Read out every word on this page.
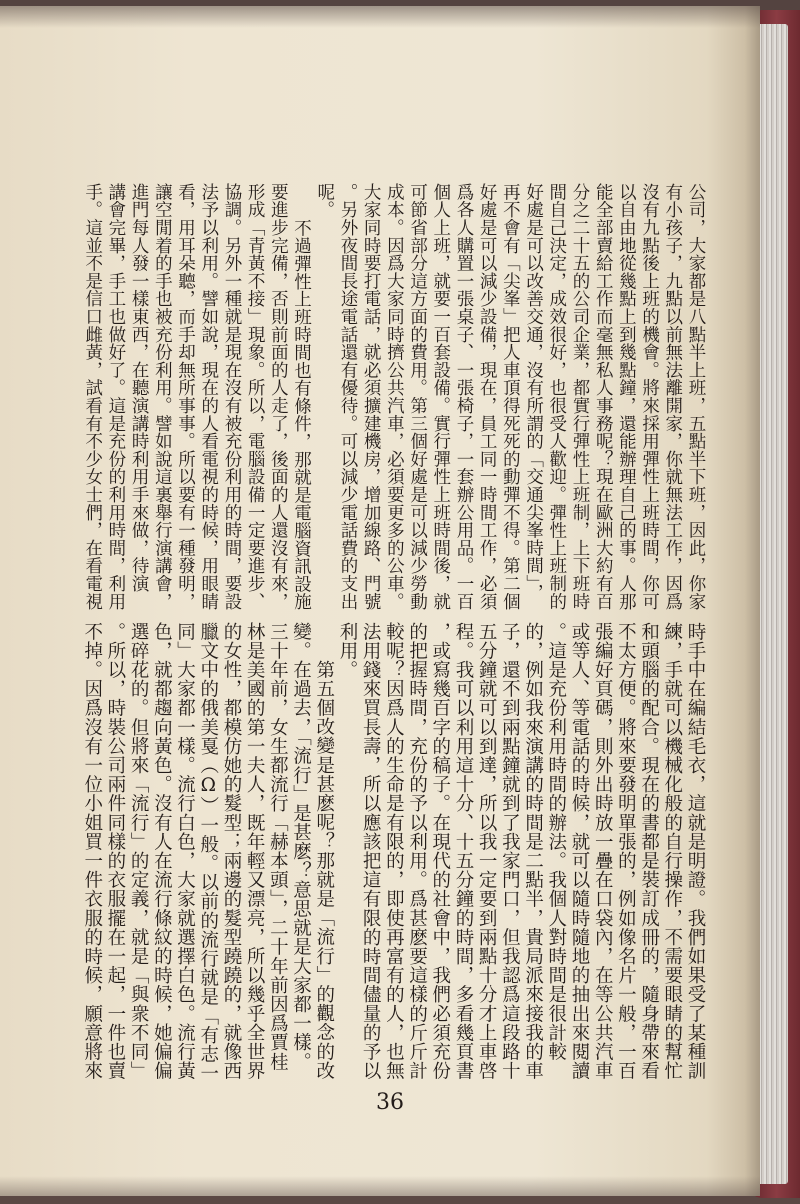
公司，大家都是八點半上班，五點半下班，因此，你家
有小孩子，九點以前無法離開家，你就無法工作，因爲
沒有九點後上班的機會。將來採用彈性上班時間，你可
以自由地從幾點上到幾點鐘，還能辦理自己的事。人那
能全部賣給工作而毫無私人事務呢？現在歐洲大約有百
分之二十五的公司企業，都實行彈性上班制，上下班時
間自己決定，成效很好，也很受人歡迎。彈性上班制的
好處是可以改善交通，沒有所謂的「交通尖峯時間」，
再不會有「尖峯」把人車頂得死死的動彈不得。第二個
好處是可以減少設備，現在，員工同一時間工作，必須
爲各人購置一張桌子、一張椅子，一套辦公用品。一百
個人上班，就要一百套設備。實行彈性上班時間後，就
可節省部分這方面的費用。第三個好處是可以減少勞動
成本。因爲大家同時擠公共汽車，必須要更多的公車。
大家同時要打電話，就必須擴建機房，增加線路、門號
。另外夜間長途電話還有優待。可以減少電話費的支出
呢。
不過彈性上班時間也有條件，那就是電腦資訊設施
要進步完備，否則前面的人走了，後面的人還沒有來，
形成「青黃不接」現象。所以，電腦設備一定要進步、
協調。另外一種就是現在沒有被充份利用的時間，要設
法予以利用。譬如說，現在的人看電視的時候，用眼睛
看，用耳朵聽，而手却無所事事。所以要有一種發明，
讓空閒着的手也被充份利用。譬如說這裏舉行演講會，
進門每人發一樣東西，在聽演講時利用手來做，待演
講會完畢，手工也做好了。這是充份的利用時間，利用
手。這並不是信口雌黃，試看有不少女士們，在看電視
時手中在編結毛衣，這就是明證。我們如果受了某種訓
練，手就可以機械化般的自行操作，不需要眼睛的幫忙
和頭腦的配合。現在的書都是裝訂成冊的，隨身帶來看
不太方便。將來要發明單張的，例如像名片一般，一百
張編好頁碼，則外出時放一疊在口袋內，在等公共汽車
或等人、等電話的時候，就可以隨時隨地的抽出來閱讀
。這是充份利用時間的辦法。我個人對時間是很計較
的，例如我來演講的時間是二點半，貴局派來接我的車
子，還不到兩點鐘就到了我家門口，但我認爲這段路十
五分鐘就可以到達，所以我一定要到兩點十分才上車啓
程。我可以利用這十分、十五分鐘的時間，多看幾頁書
，或寫幾百字的稿子。在現代的社會中，我們必須充份
的把握時間，充份的予以利用。爲甚麽要這樣的斤斤計
較呢？因爲人的生命是有限的，即使再富有的人，也無
法用錢來買長壽，所以應該把這有限的時間儘量的予以
利用。
第五個改變是甚麽呢？那就是「流行」的觀念的改
變。在過去，「流行」是甚麽？意思就是大家都一樣。
三十年前，女生都流行「赫本頭」，二十年前因爲賈桂
林是美國的第一夫人，既年輕又漂亮，所以幾乎全世界
的女性，都模仿她的髮型；兩邊的髮型蹺蹺的，就像西
臘文中的俄美戛（Ω）一般。以前的流行就是「有志一
同」大家都一樣。流行白色，大家就選擇白色。流行黃
色，就都趨向黃色。沒有人在流行條紋的時候，她偏偏
選碎花的。但將來「流行」的定義，就是「與衆不同」
。所以，時裝公司兩件同樣的衣服擺在一起，一件也賣
不掉。因爲沒有一位小姐買一件衣服的時候，願意將來
36
